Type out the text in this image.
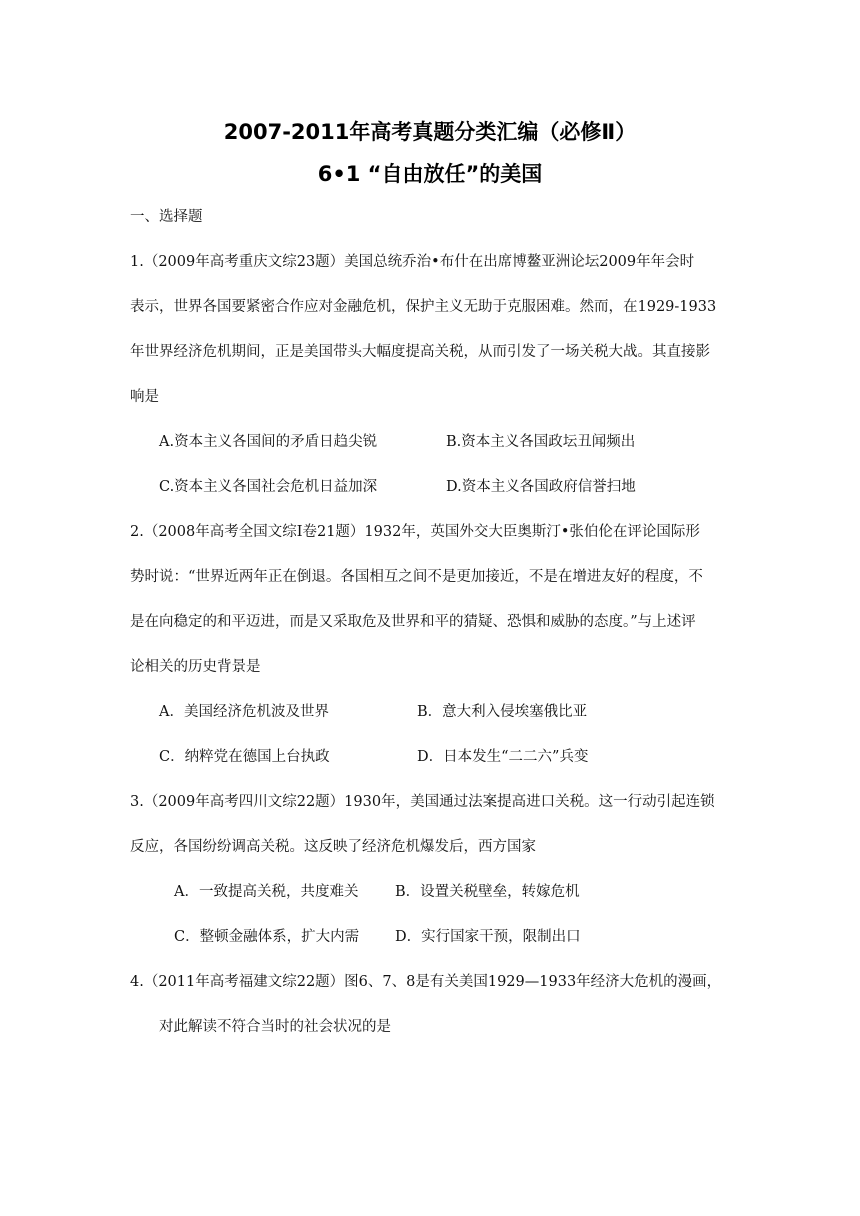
2007-2011年高考真题分类汇编（必修Ⅱ）
6•1 “自由放任”的美国
一、选择题
1.（2009年高考重庆文综23题）美国总统乔治•布什在出席博鳌亚洲论坛2009年年会时
表示，世界各国要紧密合作应对金融危机，保护主义无助于克服困难。然而，在1929-1933
年世界经济危机期间，正是美国带头大幅度提高关税，从而引发了一场关税大战。其直接影
响是
A.资本主义各国间的矛盾日趋尖锐	B.资本主义各国政坛丑闻频出
C.资本主义各国社会危机日益加深	D.资本主义各国政府信誉扫地
2.（2008年高考全国文综Ⅰ卷21题）1932年，英国外交大臣奥斯汀•张伯伦在评论国际形
势时说：“世界近两年正在倒退。各国相互之间不是更加接近，不是在增进友好的程度，不
是在向稳定的和平迈进，而是又采取危及世界和平的猜疑、恐惧和威胁的态度。”与上述评
论相关的历史背景是
A．美国经济危机波及世界	B．意大利入侵埃塞俄比亚
C．纳粹党在德国上台执政	D．日本发生“二二六”兵变
3.（2009年高考四川文综22题）1930年，美国通过法案提高进口关税。这一行动引起连锁
反应，各国纷纷调高关税。这反映了经济危机爆发后，西方国家
A．一致提高关税，共度难关	B．设置关税壁垒，转嫁危机
C．整顿金融体系，扩大内需 D．实行国家干预，限制出口
4.（2011年高考福建文综22题）图6、7、8是有关美国1929—1933年经济大危机的漫画，
对此解读不符合当时的社会状况的是
